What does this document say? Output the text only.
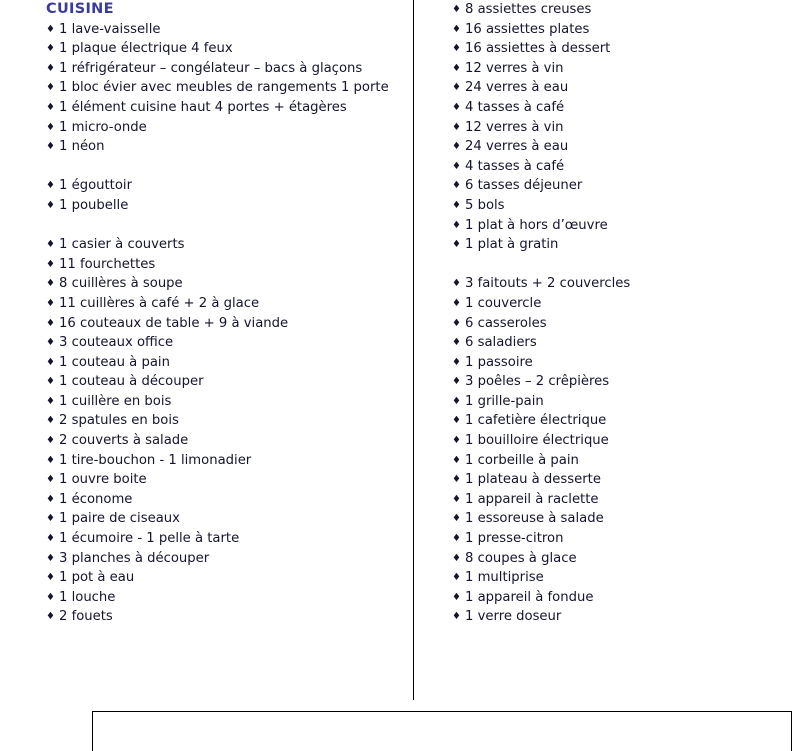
CUISINE
♦ 1 lave-vaisselle
♦ 1 plaque électrique 4 feux
♦ 1 réfrigérateur – congélateur – bacs à glaçons
♦ 1 bloc évier avec meubles de rangements 1 porte
♦ 1 élément cuisine haut 4 portes + étagères
♦ 1 micro-onde
♦ 1 néon

♦ 1 égouttoir
♦ 1 poubelle

♦ 1 casier à couverts
♦ 11 fourchettes
♦ 8 cuillères à soupe
♦ 11 cuillères à café + 2 à glace
♦ 16 couteaux de table + 9 à viande
♦ 3 couteaux office
♦ 1 couteau à pain
♦ 1 couteau à découper
♦ 1 cuillère en bois
♦ 2 spatules en bois
♦ 2 couverts à salade
♦ 1 tire-bouchon - 1 limonadier
♦ 1 ouvre boite
♦ 1 économe
♦ 1 paire de ciseaux
♦ 1 écumoire - 1 pelle à tarte
♦ 3 planches à découper
♦ 1 pot à eau
♦ 1 louche
♦ 2 fouets
♦ 8 assiettes creuses
♦ 16 assiettes plates
♦ 16 assiettes à dessert
♦ 12 verres à vin
♦ 24 verres à eau
♦ 4 tasses à café
♦ 12 verres à vin
♦ 24 verres à eau
♦ 4 tasses à café
♦ 6 tasses déjeuner
♦ 5 bols
♦ 1 plat à hors d’œuvre
♦ 1 plat à gratin

♦ 3 faitouts + 2 couvercles
♦ 1 couvercle
♦ 6 casseroles
♦ 6 saladiers
♦ 1 passoire
♦ 3 poêles – 2 crêpières
♦ 1 grille-pain
♦ 1 cafetière électrique
♦ 1 bouilloire électrique
♦ 1 corbeille à pain
♦ 1 plateau à desserte
♦ 1 appareil à raclette
♦ 1 essoreuse à salade
♦ 1 presse-citron
♦ 8 coupes à glace
♦ 1 multiprise
♦ 1 appareil à fondue
♦ 1 verre doseur
